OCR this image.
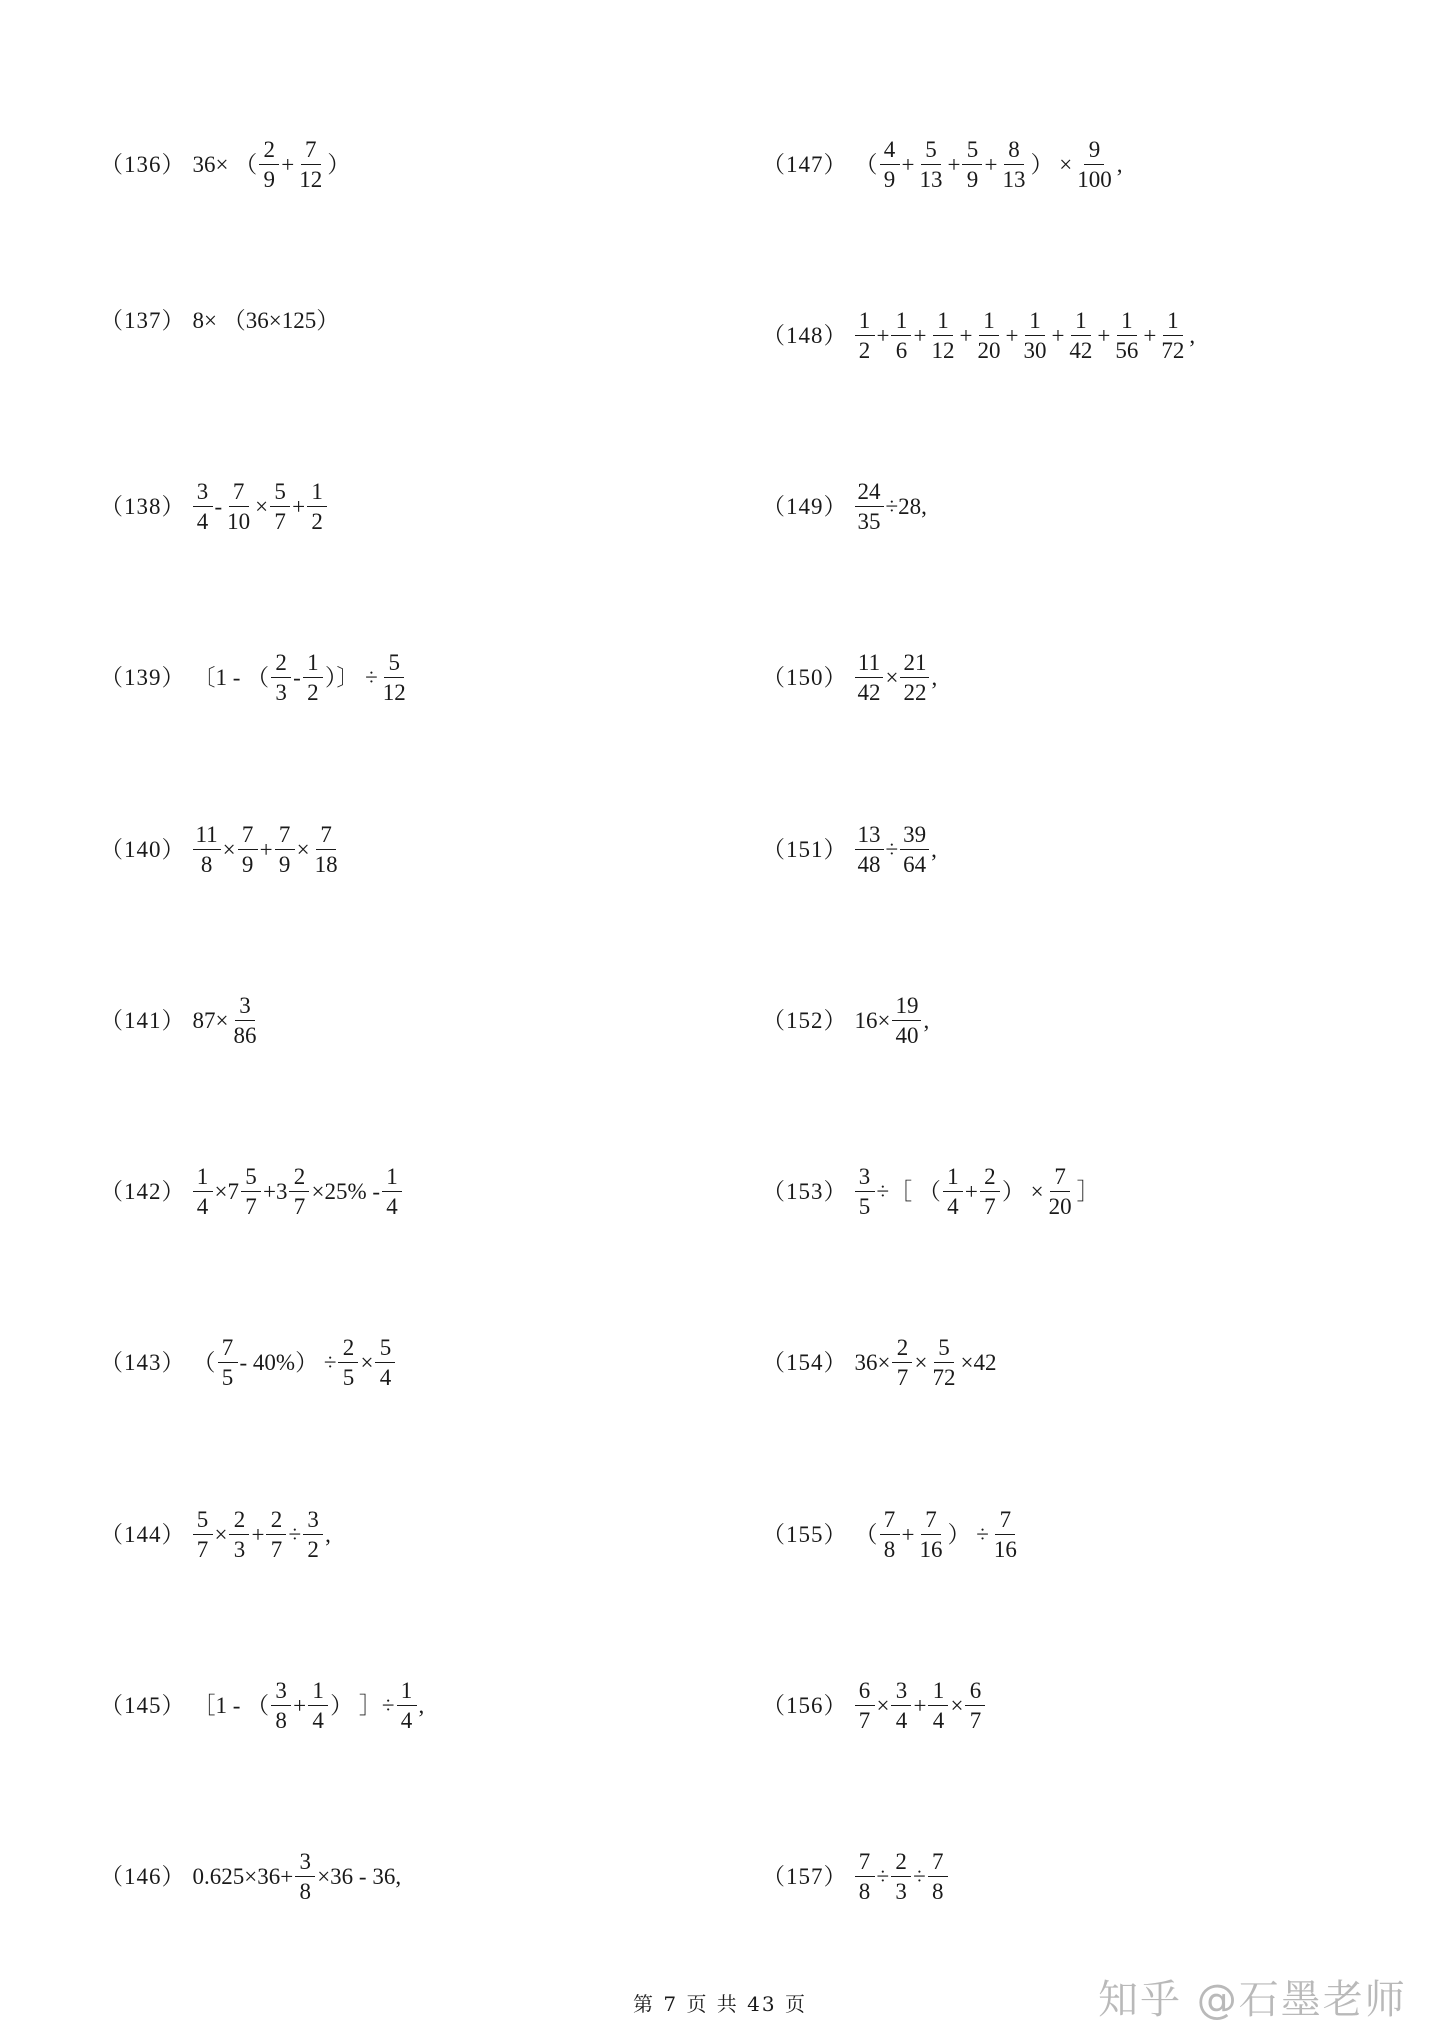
（136） 36× （ $\frac{2}{9} + \frac{7}{12}$ ）
（137） 8× （36×125）
$(138) \frac{3}{4} - \frac{7}{10} \times \frac{5}{7} + \frac{1}{2}$
（139） 〔1 - （ $\frac{2}{3} - \frac{1}{2}$ ）〕 ÷ $\frac{5}{12}$
$(140) \frac{11}{8} \times \frac{7}{9} + \frac{7}{9} \times \frac{7}{18}$
（141） $87\times \frac{3}{86}$
$(142) \frac{1}{4} \times 7 \frac{5}{7} +3 \frac{2}{7} \times 25\% - \frac{1}{4}$
（143） （ $\frac{7}{5} - 40\%) \div \frac{2}{5} \times \frac{5}{4}$
$(144) \frac{5}{7} \times \frac{2}{3} + \frac{2}{7} \div \frac{3}{2}$ ,
（145） ［1 - （ $\frac{3}{8} + \frac{1}{4}$ ） ］÷ $\frac{1}{4}$ ,
（146） $0.625\times 36+ \frac{3}{8} \times 36 - 36$,
（147） （ $\frac{4}{9} + \frac{5}{13} + \frac{5}{9} + \frac{8}{13}$ ） × $\frac{9}{100}$ ,
$(148) \frac{1}{2} + \frac{1}{6} + \frac{1}{12} + \frac{1}{20} + \frac{1}{30} + \frac{1}{42} + \frac{1}{56} + \frac{1}{72}$ ,
$(149) \frac{24}{35} \div 28$,
$(150) \frac{11}{42} \times \frac{21}{22}$ ,
$(151) \frac{13}{48} \div \frac{39}{64}$ ,
（152） $16\times \frac{19}{40}$ ,
$(153) \frac{3}{5}$ ÷［ （ $\frac{1}{4} + \frac{2}{7}$ ） × $\frac{7}{20}$ ］
（154） $36\times \frac{2}{7} \times \frac{5}{72} \times 42$
（155） （ $\frac{7}{8} + \frac{7}{16}$ ） ÷ $\frac{7}{16}$
$(156) \frac{6}{7} \times \frac{3}{4} + \frac{1}{4} \times \frac{6}{7}$
$(157) \frac{7}{8} \div \frac{2}{3} \div \frac{7}{8}$
第 7 页 共 43 页	知乎 @石墨老师
